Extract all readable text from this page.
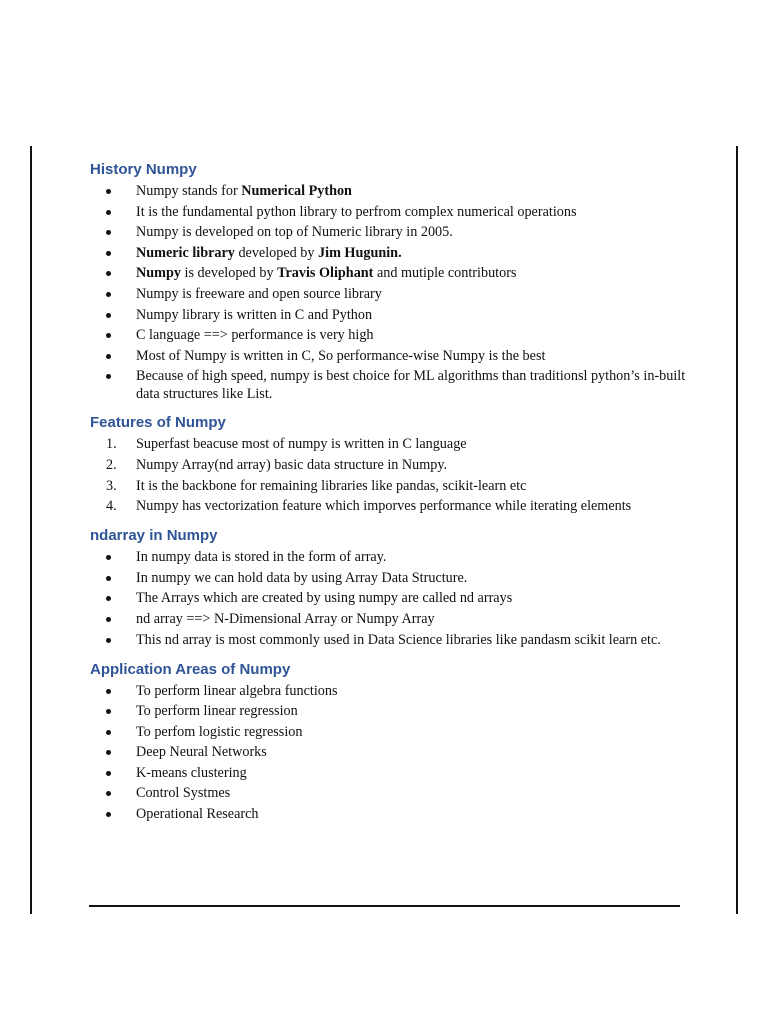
History Numpy
Numpy stands for Numerical Python
It is the fundamental python library to perfrom complex numerical operations
Numpy is developed on top of Numeric library in 2005.
Numeric library developed by Jim Hugunin.
Numpy is developed by Travis Oliphant and mutiple contributors
Numpy is freeware and open source library
Numpy library is written in C and Python
C language ==> performance is very high
Most of Numpy is written in C, So performance-wise Numpy is the best
Because of high speed, numpy is best choice for ML algorithms than traditionsl python’s in-built data structures like List.
Features of Numpy
1.	Superfast beacuse most of numpy is written in C language
2.	Numpy Array(nd array) basic data structure in Numpy.
3.	It is the backbone for remaining libraries like pandas, scikit-learn etc
4.	Numpy has vectorization feature which imporves performance while iterating elements
ndarray in Numpy
In numpy data is stored in the form of array.
In numpy we can hold data by using Array Data Structure.
The Arrays which are created by using numpy are called nd arrays
nd array ==> N-Dimensional Array or Numpy Array
This nd array is most commonly used in Data Science libraries like pandasm scikit learn etc.
Application Areas of Numpy
To perform linear algebra functions
To perform linear regression
To perfom logistic regression
Deep Neural Networks
K-means clustering
Control Systmes
Operational Research
